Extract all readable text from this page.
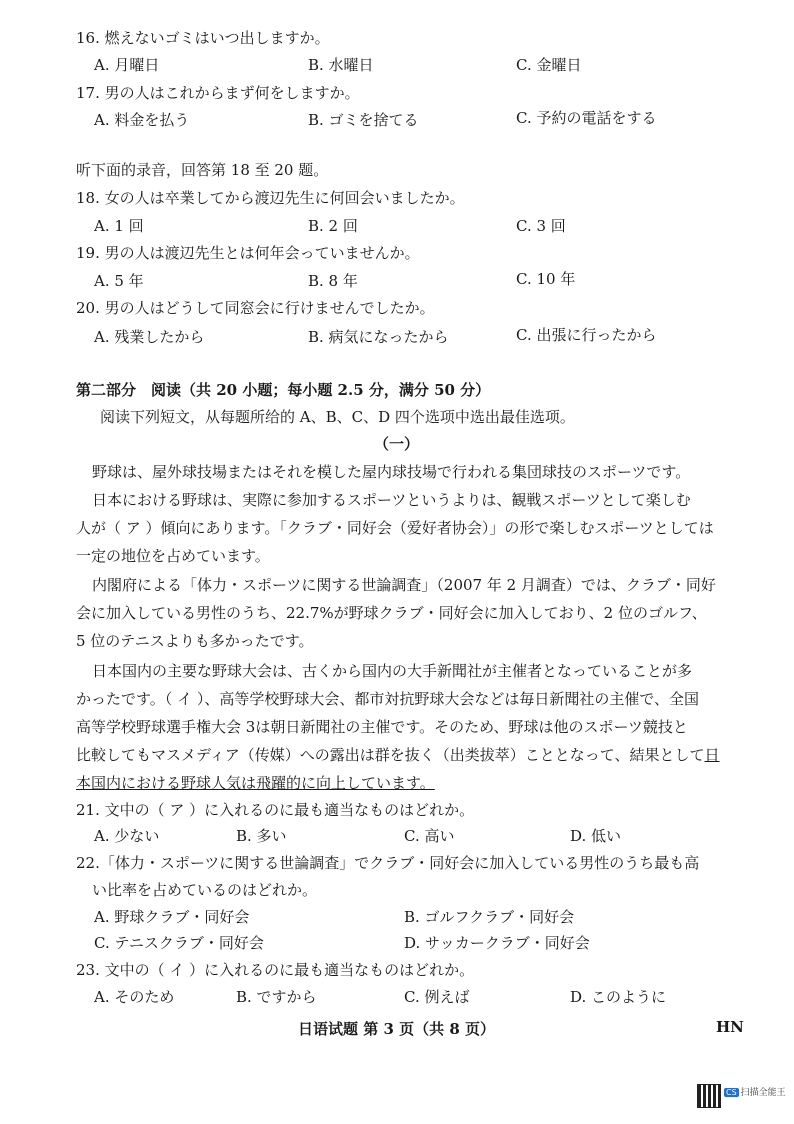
16. 燃えないゴミはいつ出しますか。
A. 月曜日	B. 水曜日	C. 金曜日
17. 男の人はこれからまず何をしますか。
A. 料金を払う	B. ゴミを捨てる	C. 予約の電話をする
听下面的录音，回答第 18 至 20 题。
18. 女の人は卒業してから渡辺先生に何回会いましたか。
A. 1 回	B. 2 回	C. 3 回
19. 男の人は渡辺先生とは何年会っていませんか。
A. 5 年	B. 8 年	C. 10 年
20. 男の人はどうして同窓会に行けませんでしたか。
A. 残業したから	B. 病気になったから	C. 出張に行ったから
第二部分　阅读（共 20 小题；每小题 2.5 分，满分 50 分）
阅读下列短文，从每题所给的 A、B、C、D 四个选项中选出最佳选项。
（一）
野球は、屋外球技場またはそれを模した屋内球技場で行われる集団球技のスポーツです。
日本における野球は、実際に参加するスポーツというよりは、観戦スポーツとして楽しむ
人が（ ア ）傾向にあります。「クラブ・同好会（爱好者协会）」の形で楽しむスポーツとしては
一定の地位を占めています。
内閣府による「体力・スポーツに関する世論調査」（2007 年 2 月調査）では、クラブ・同好
会に加入している男性のうち、22.7%が野球クラブ・同好会に加入しており、2 位のゴルフ、
5 位のテニスよりも多かったです。
日本国内の主要な野球大会は、古くから国内の大手新聞社が主催者となっていることが多
かったです。（ イ ）、高等学校野球大会、都市対抗野球大会などは毎日新聞社の主催で、全国
高等学校野球選手権大会 3は朝日新聞社の主催です。そのため、野球は他のスポーツ競技と
比較してもマスメディア（传媒）への露出は群を抜く（出类拔萃）こととなって、結果として日
本国内における野球人気は飛躍的に向上しています。
21. 文中の（ ア ）に入れるのに最も適当なものはどれか。
A. 少ない	B. 多い	C. 高い	D. 低い
22.「体力・スポーツに関する世論調査」でクラブ・同好会に加入している男性のうち最も高
い比率を占めているのはどれか。
A. 野球クラブ・同好会	B. ゴルフクラブ・同好会
C. テニスクラブ・同好会	D. サッカークラブ・同好会
23. 文中の（ イ ）に入れるのに最も適当なものはどれか。
A. そのため	B. ですから	C. 例えば	D. このように
日语试题 第 3 页（共 8 页）	HN
CS 扫描全能王
